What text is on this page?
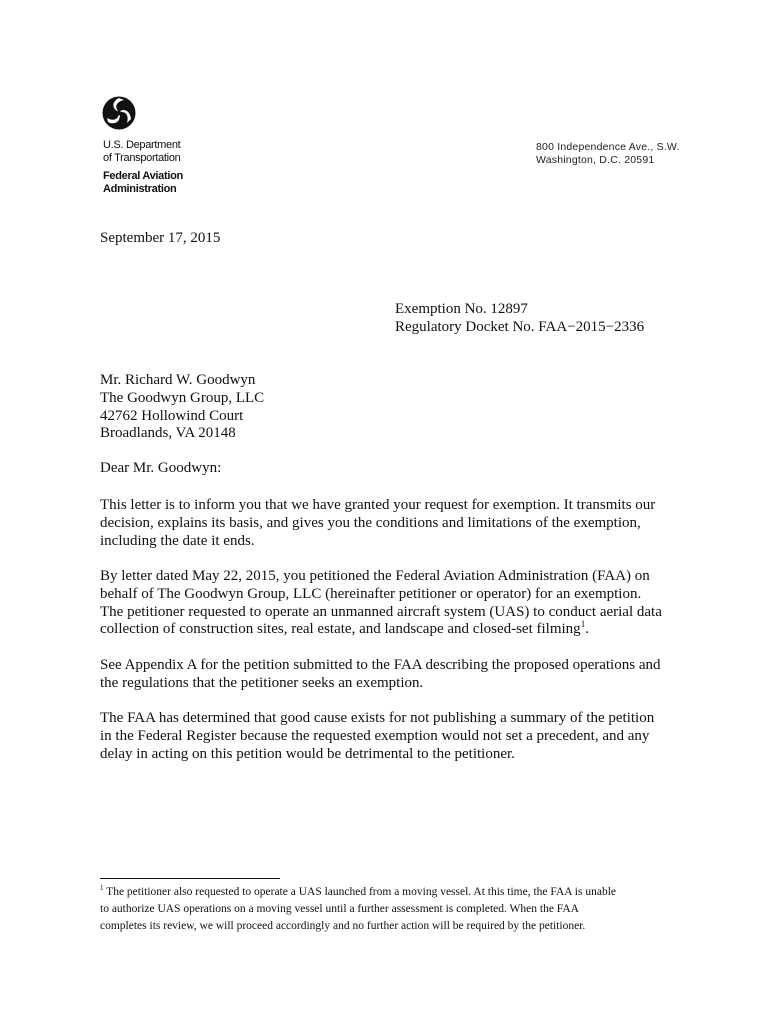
U.S. Department
of Transportation
Federal Aviation
Administration
800 Independence Ave., S.W.
Washington, D.C. 20591
September 17, 2015
Exemption No. 12897
Regulatory Docket No. FAA−2015−2336
Mr. Richard W. Goodwyn
The Goodwyn Group, LLC
42762 Hollowind Court
Broadlands, VA 20148
Dear Mr. Goodwyn:
This letter is to inform you that we have granted your request for exemption. It transmits our
decision, explains its basis, and gives you the conditions and limitations of the exemption,
including the date it ends.
By letter dated May 22, 2015, you petitioned the Federal Aviation Administration (FAA) on
behalf of The Goodwyn Group, LLC (hereinafter petitioner or operator) for an exemption.
The petitioner requested to operate an unmanned aircraft system (UAS) to conduct aerial data
collection of construction sites, real estate, and landscape and closed-set filming$^1$.
See Appendix A for the petition submitted to the FAA describing the proposed operations and
the regulations that the petitioner seeks an exemption.
The FAA has determined that good cause exists for not publishing a summary of the petition
in the Federal Register because the requested exemption would not set a precedent, and any
delay in acting on this petition would be detrimental to the petitioner.
$^1$ The petitioner also requested to operate a UAS launched from a moving vessel. At this time, the FAA is unable
to authorize UAS operations on a moving vessel until a further assessment is completed. When the FAA
completes its review, we will proceed accordingly and no further action will be required by the petitioner.
